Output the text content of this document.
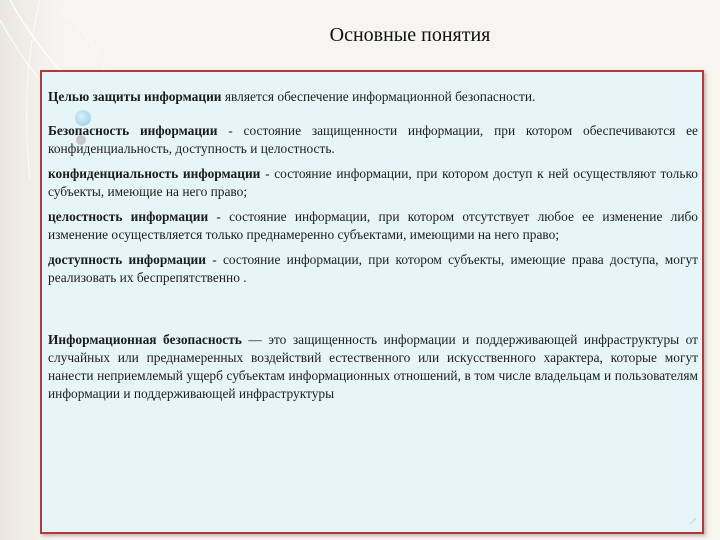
Основные понятия

Целью защиты информации является обеспечение информационной безопасности.

Безопасность информации - состояние защищенности информации, при котором обеспечиваются ее конфиденциальность, доступность и целостность.

конфиденциальность информации - состояние информации, при котором доступ к ней осуществляют только субъекты, имеющие на него право;

целостность информации - состояние информации, при котором отсутствует любое ее изменение либо изменение осуществляется только преднамеренно субъектами, имеющими на него право;

доступность информации - состояние информации, при котором субъекты, имеющие права доступа, могут реализовать их беспрепятственно .

Информационная безопасность — это защищенность информации и поддерживающей инфраструктуры от случайных или преднамеренных воздействий естественного или искусственного характера, которые могут нанести неприемлемый ущерб субъектам информационных отношений, в том числе владельцам и пользователям информации и поддерживающей инфраструктуры
